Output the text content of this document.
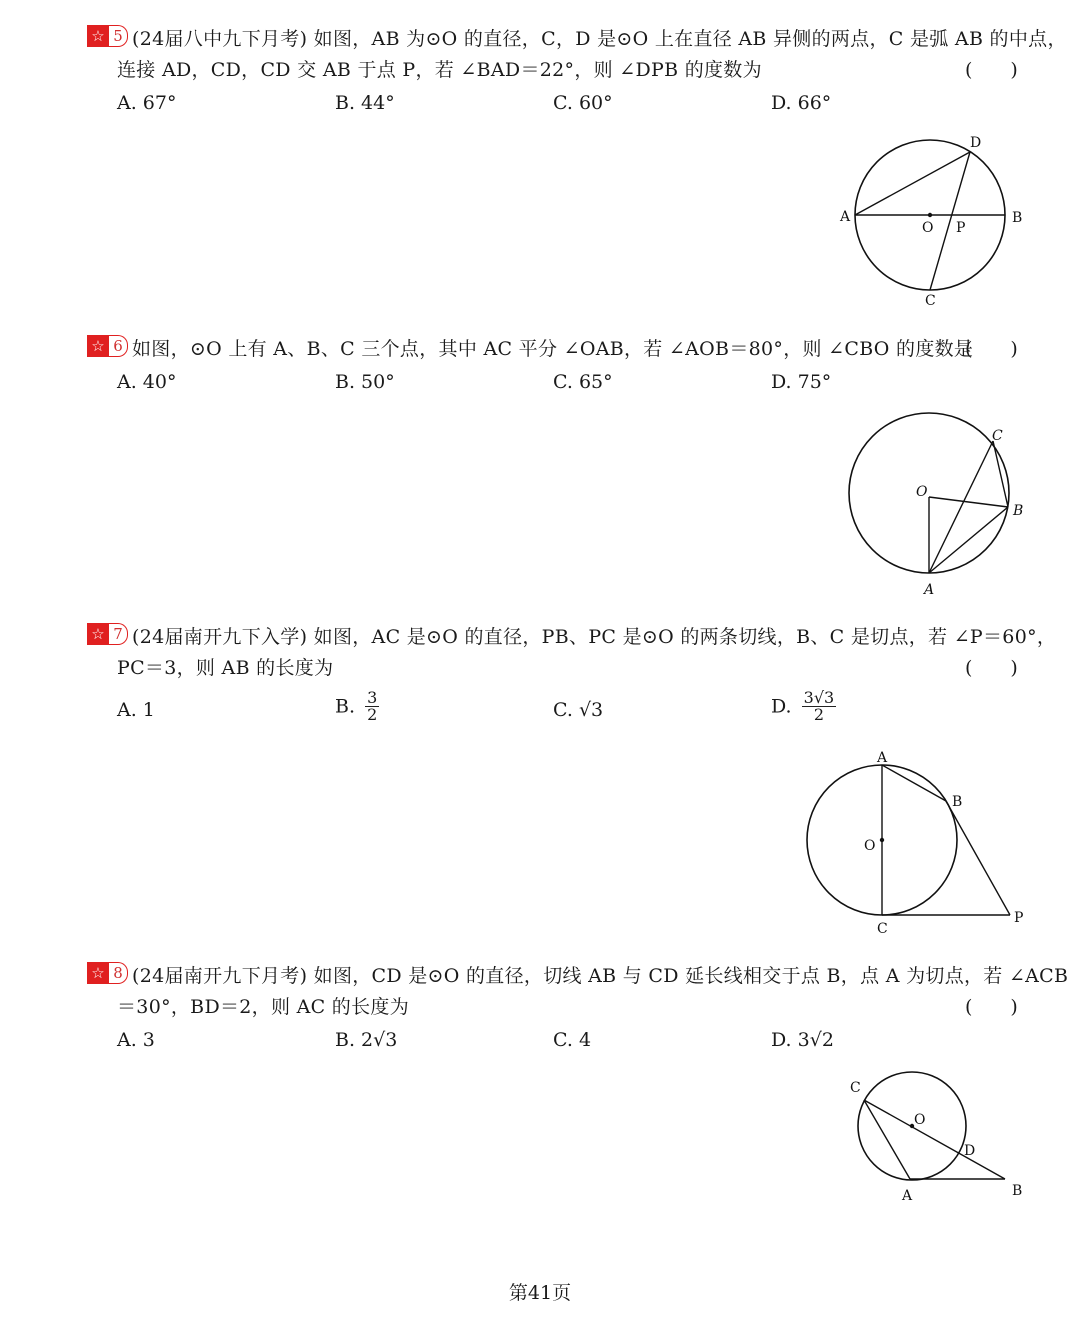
☆ 5 (24届八中九下月考) 如图，AB 为⊙O 的直径，C，D 是⊙O 上在直径 AB 异侧的两点，C 是弧 AB 的中点，
连接 AD，CD，CD 交 AB 于点 P，若 ∠BAD＝22°，则 ∠DPB 的度数为	(　　)
A. 67°	B. 44°	C. 60°	D. 66°
D
A	B
O P
C
☆ 6 如图，⊙O 上有 A、B、C 三个点，其中 AC 平分 ∠OAB，若 ∠AOB＝80°，则 ∠CBO 的度数是
(　　)
A. 40°	B. 50°	C. 65°	D. 75°
C
O
B
A
☆ 7 (24届南开九下入学) 如图，AC 是⊙O 的直径，PB、PC 是⊙O 的两条切线，B、C 是切点，若 ∠P＝60°，
PC＝3，则 AB 的长度为	(　　)
A. 1	B. $\frac{3}{2}$	C. √3	D. $\frac{3√3}{2}$
A
B
O
C
P
☆ 8 (24届南开九下月考) 如图，CD 是⊙O 的直径，切线 AB 与 CD 延长线相交于点 B，点 A 为切点，若 ∠ACB
＝30°，BD＝2，则 AC 的长度为	(　　)
A. 3	B. 2√3	C. 4	D. 3√2
C
O
D
A	B
第41页
